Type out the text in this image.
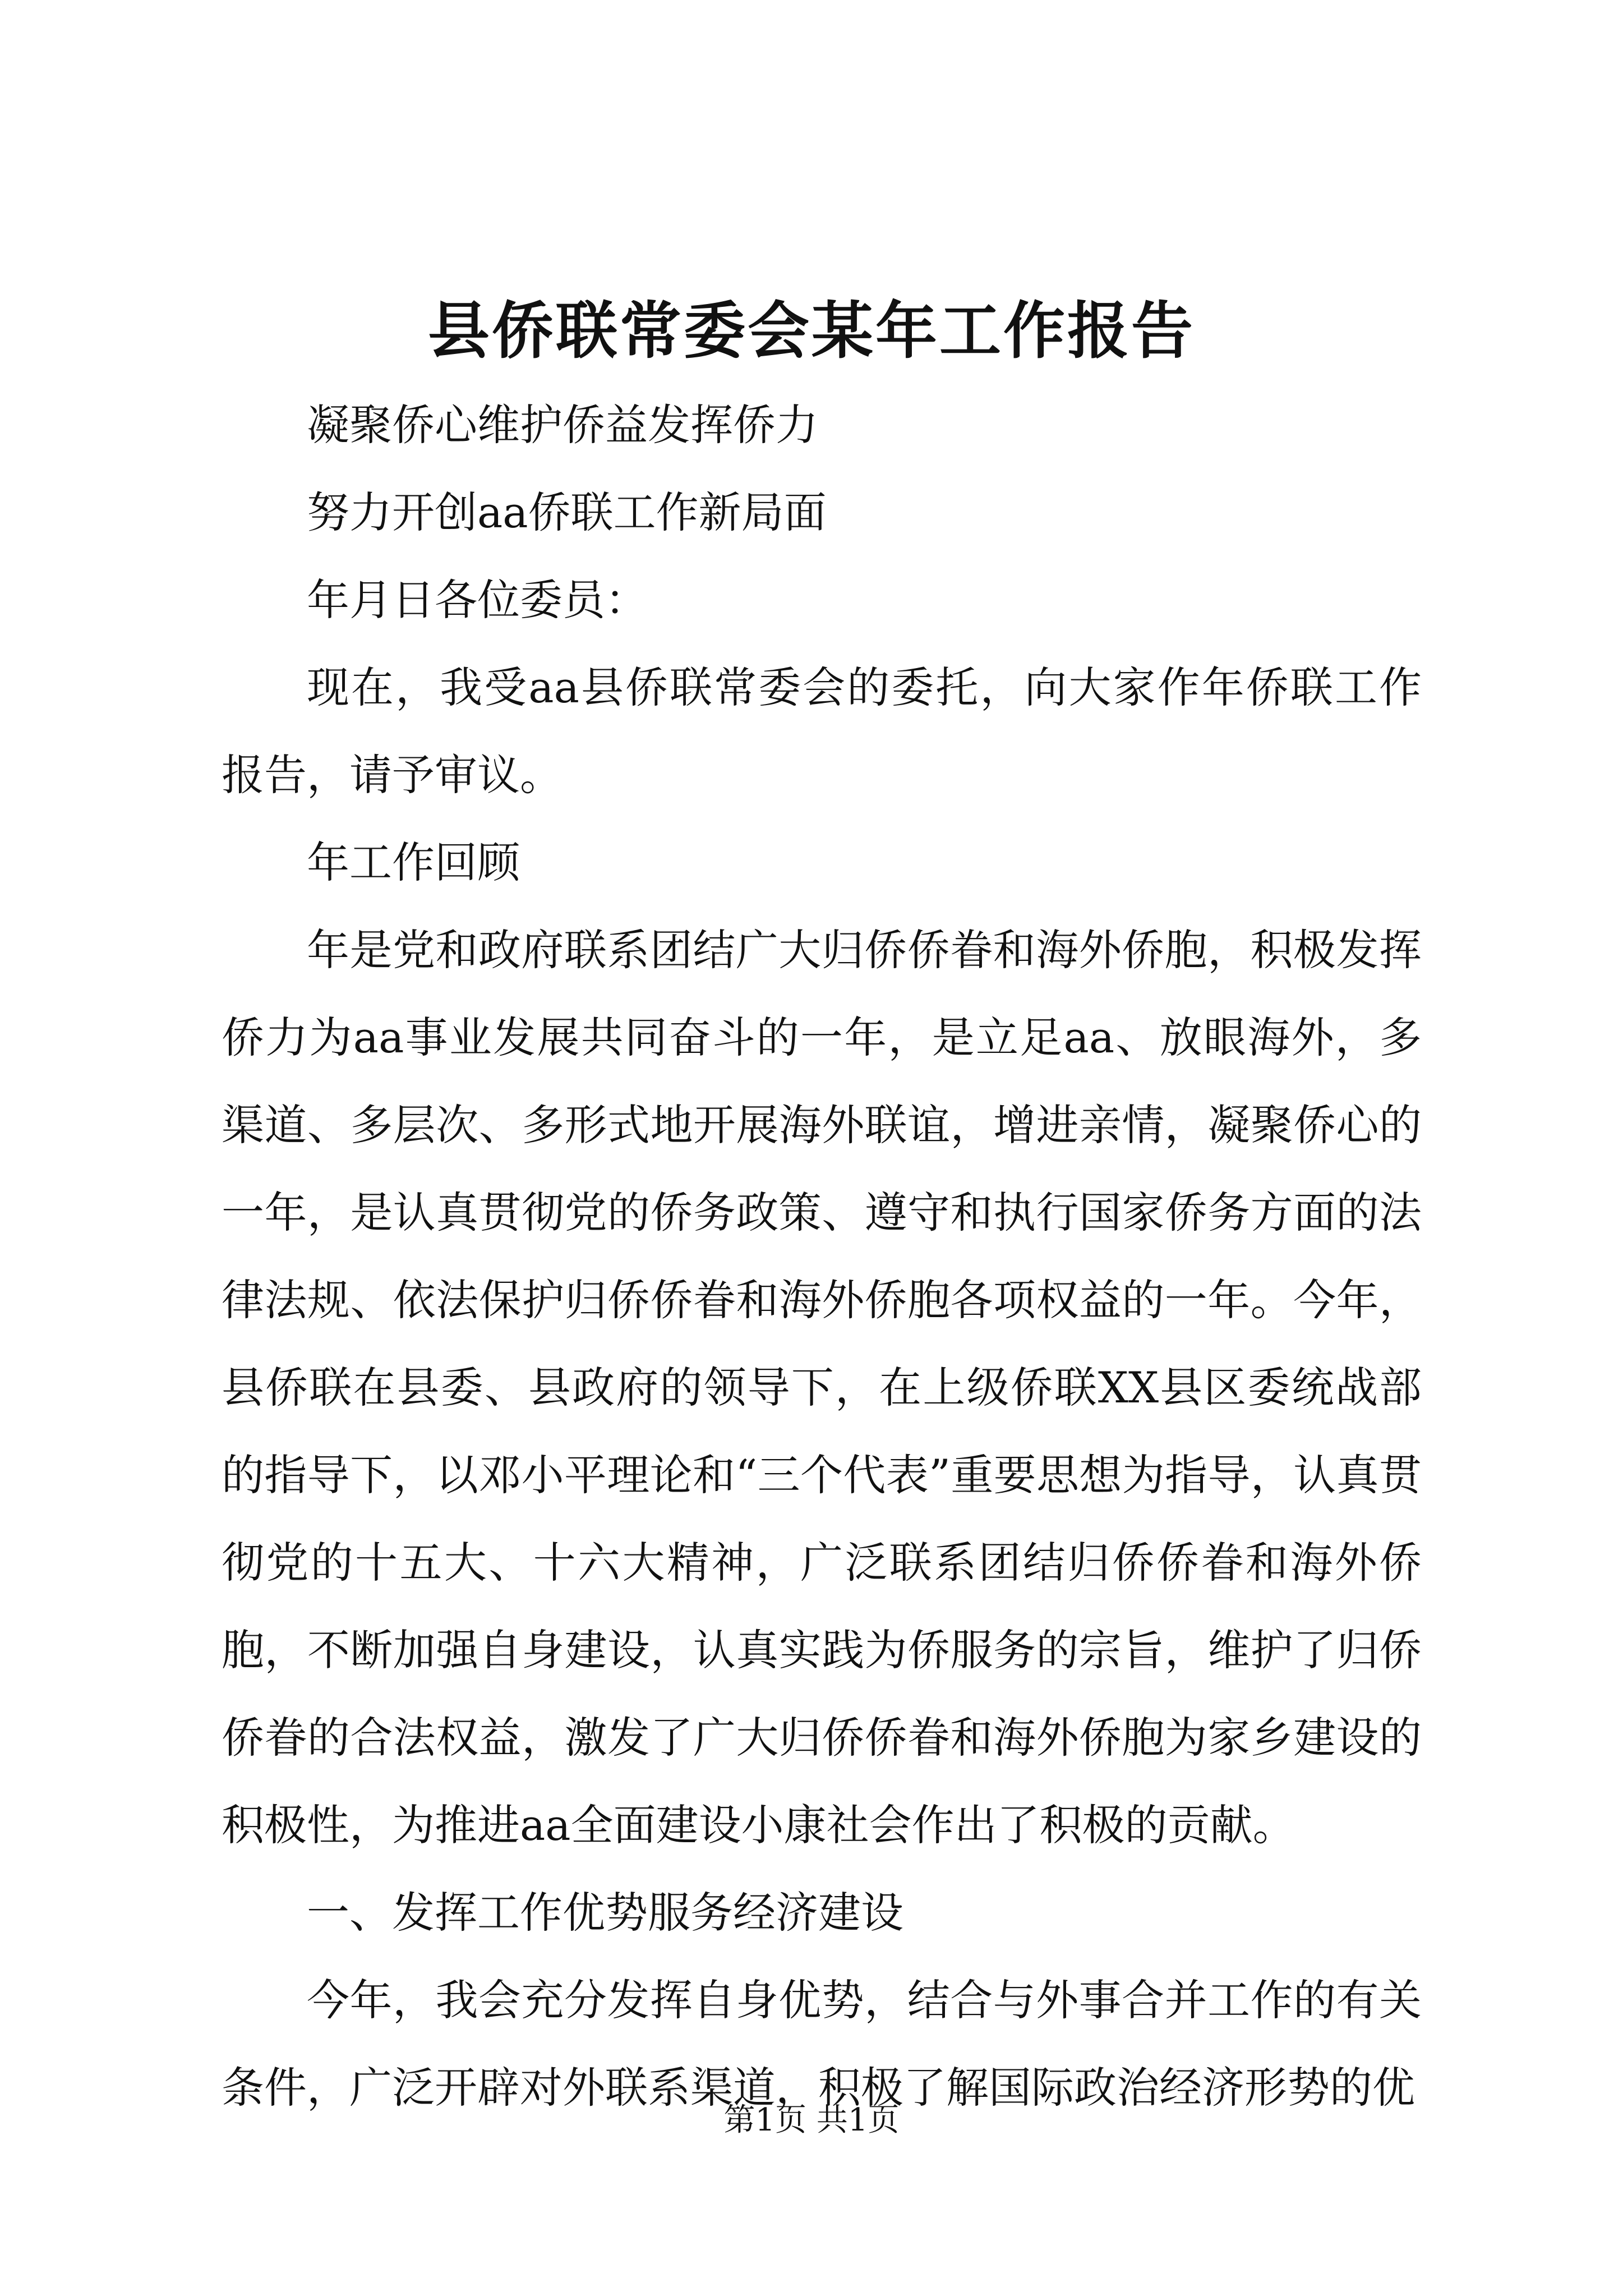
县侨联常委会某年工作报告

凝聚侨心维护侨益发挥侨力

努力开创aa侨联工作新局面

年月日各位委员：

现在，我受aa县侨联常委会的委托，向大家作年侨联工作报告，请予审议。

年工作回顾

年是党和政府联系团结广大归侨侨眷和海外侨胞，积极发挥侨力为aa事业发展共同奋斗的一年，是立足aa、放眼海外，多渠道、多层次、多形式地开展海外联谊，增进亲情，凝聚侨心的一年，是认真贯彻党的侨务政策、遵守和执行国家侨务方面的法律法规、依法保护归侨侨眷和海外侨胞各项权益的一年。今年，县侨联在县委、县政府的领导下，在上级侨联XX县区委统战部的指导下，以邓小平理论和“三个代表”重要思想为指导，认真贯彻党的十五大、十六大精神，广泛联系团结归侨侨眷和海外侨胞，不断加强自身建设，认真实践为侨服务的宗旨，维护了归侨侨眷的合法权益，激发了广大归侨侨眷和海外侨胞为家乡建设的积极性，为推进aa全面建设小康社会作出了积极的贡献。

一、发挥工作优势服务经济建设

今年，我会充分发挥自身优势，结合与外事合并工作的有关条件，广泛开辟对外联系渠道，积极了解国际政治经济形势的优

第1页 共1页
